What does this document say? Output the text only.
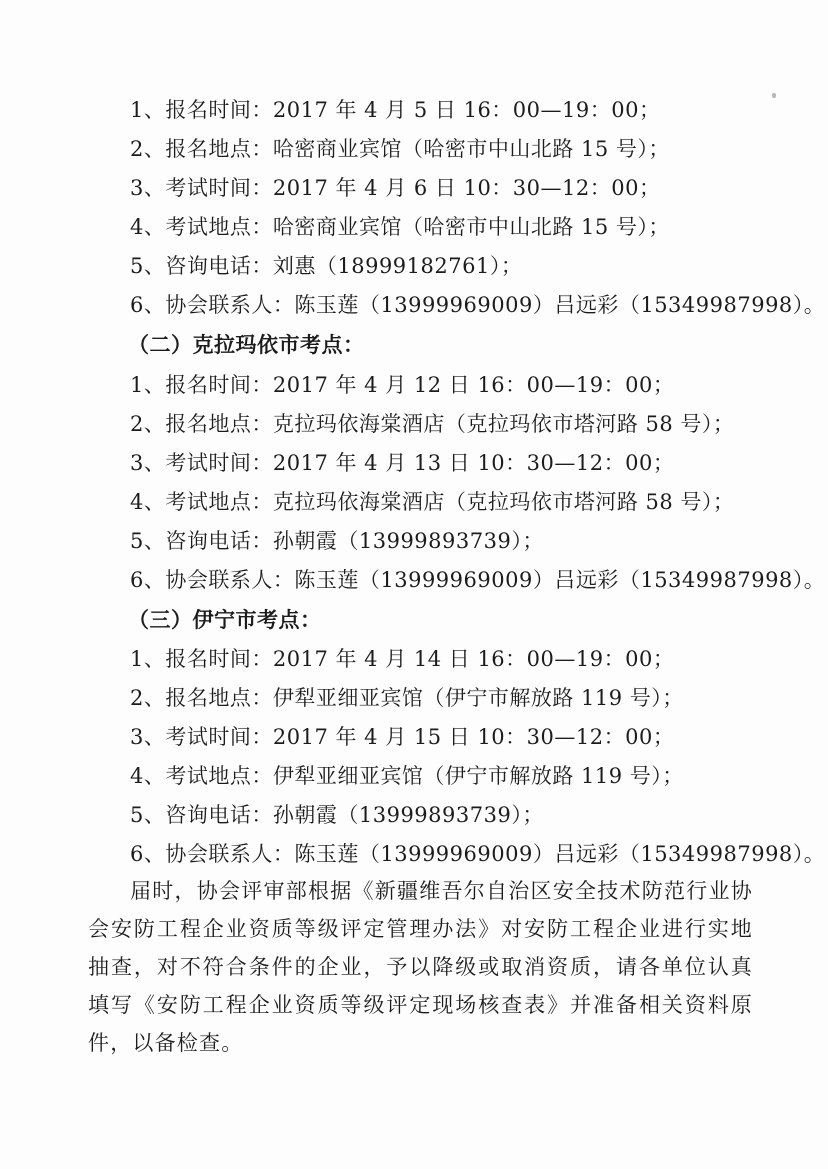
1、报名时间：2017 年 4 月 5 日 16：00—19：00；
2、报名地点：哈密商业宾馆（哈密市中山北路 15 号）；
3、考试时间：2017 年 4 月 6 日 10：30—12：00；
4、考试地点：哈密商业宾馆（哈密市中山北路 15 号）；
5、咨询电话：刘惠（18999182761）；
6、协会联系人：陈玉莲（13999969009）吕远彩（15349987998）。
（二）克拉玛依市考点：
1、报名时间：2017 年 4 月 12 日 16：00—19：00；
2、报名地点：克拉玛依海棠酒店（克拉玛依市塔河路 58 号）；
3、考试时间：2017 年 4 月 13 日 10：30—12：00；
4、考试地点：克拉玛依海棠酒店（克拉玛依市塔河路 58 号）；
5、咨询电话：孙朝霞（13999893739）；
6、协会联系人：陈玉莲（13999969009）吕远彩（15349987998）。
（三）伊宁市考点：
1、报名时间：2017 年 4 月 14 日 16：00—19：00；
2、报名地点：伊犁亚细亚宾馆（伊宁市解放路 119 号）；
3、考试时间：2017 年 4 月 15 日 10：30—12：00；
4、考试地点：伊犁亚细亚宾馆（伊宁市解放路 119 号）；
5、咨询电话：孙朝霞（13999893739）；
6、协会联系人：陈玉莲（13999969009）吕远彩（15349987998）。
届时，协会评审部根据《新疆维吾尔自治区安全技术防范行业协会安防工程企业资质等级评定管理办法》对安防工程企业进行实地抽查，对不符合条件的企业，予以降级或取消资质，请各单位认真填写《安防工程企业资质等级评定现场核查表》并准备相关资料原件，以备检查。
